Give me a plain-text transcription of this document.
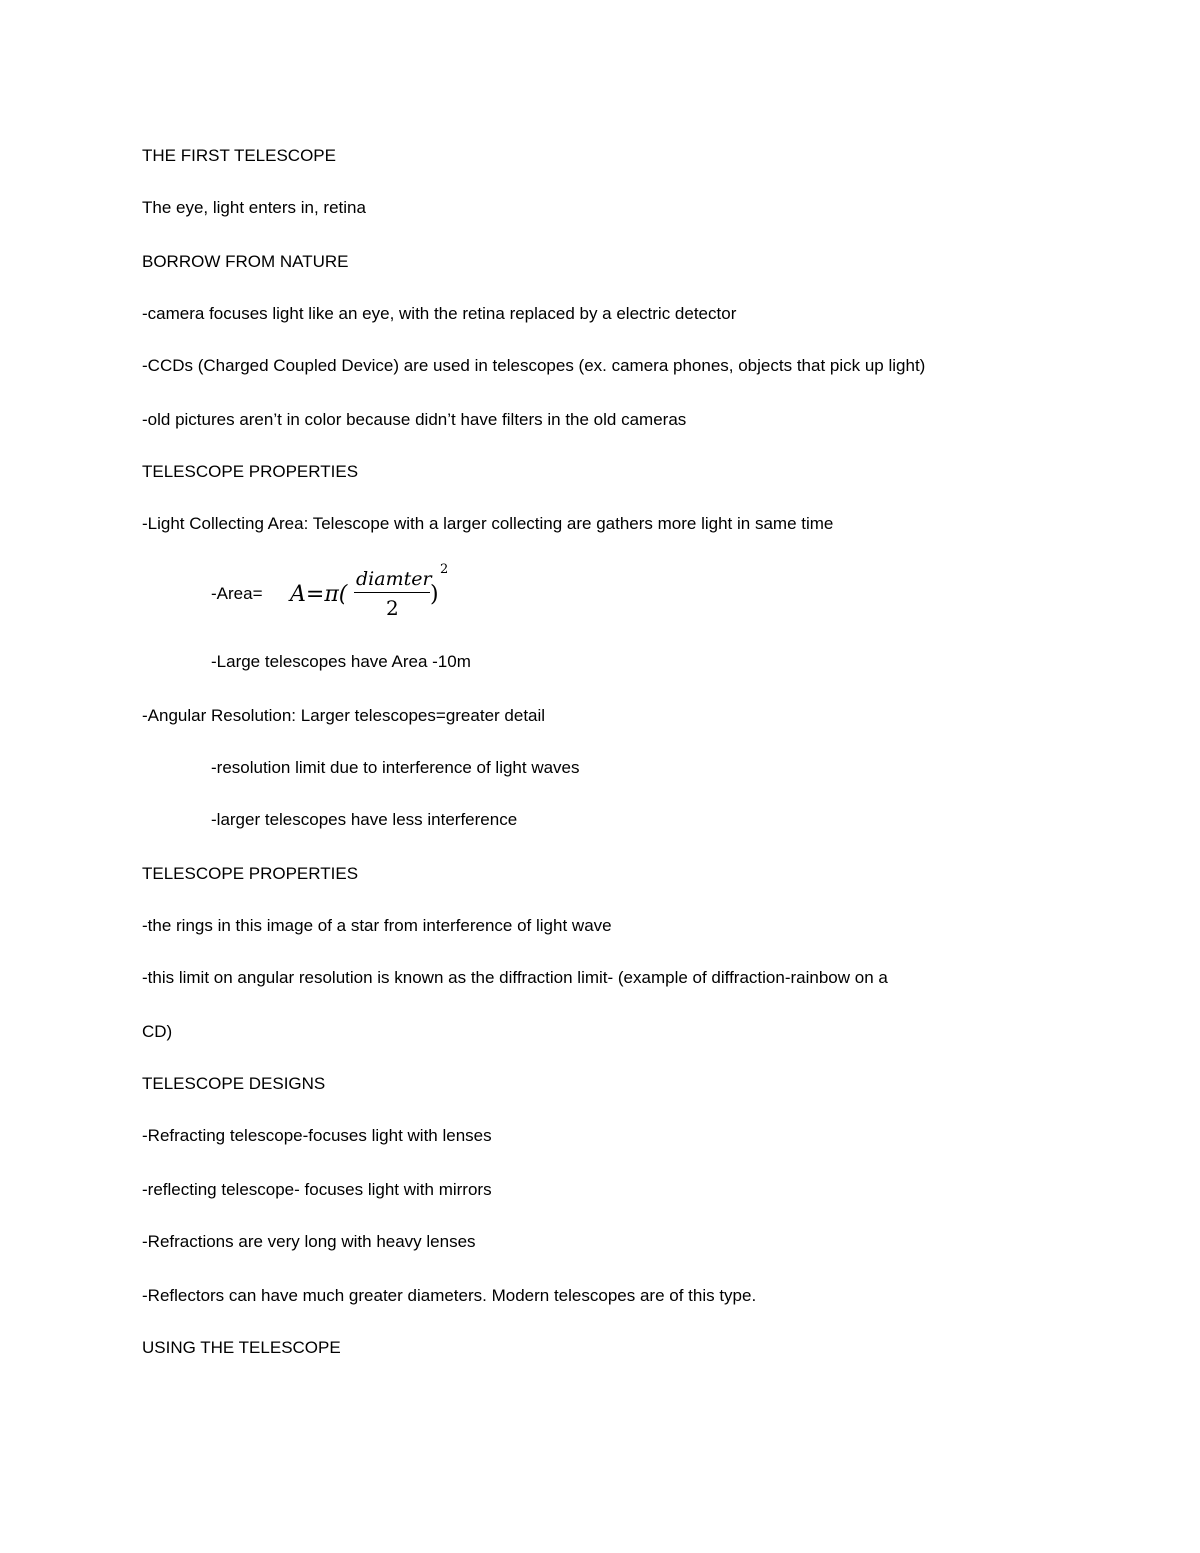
THE FIRST TELESCOPE
The eye, light enters in, retina
BORROW FROM NATURE
-camera focuses light like an eye, with the retina replaced by a electric detector
-CCDs (Charged Coupled Device) are used in telescopes (ex. camera phones, objects that pick up light)
-old pictures aren’t in color because didn’t have filters in the old cameras
TELESCOPE PROPERTIES
-Light Collecting Area: Telescope with a larger collecting are gathers more light in same time
-Area= A=π(
diamter
2
)
2
-Large telescopes have Area -10m
-Angular Resolution: Larger telescopes=greater detail
-resolution limit due to interference of light waves
-larger telescopes have less interference
TELESCOPE PROPERTIES
-the rings in this image of a star from interference of light wave
-this limit on angular resolution is known as the diffraction limit- (example of diffraction-rainbow on a
CD)
TELESCOPE DESIGNS
-Refracting telescope-focuses light with lenses
-reflecting telescope- focuses light with mirrors
-Refractions are very long with heavy lenses
-Reflectors can have much greater diameters. Modern telescopes are of this type.
USING THE TELESCOPE
